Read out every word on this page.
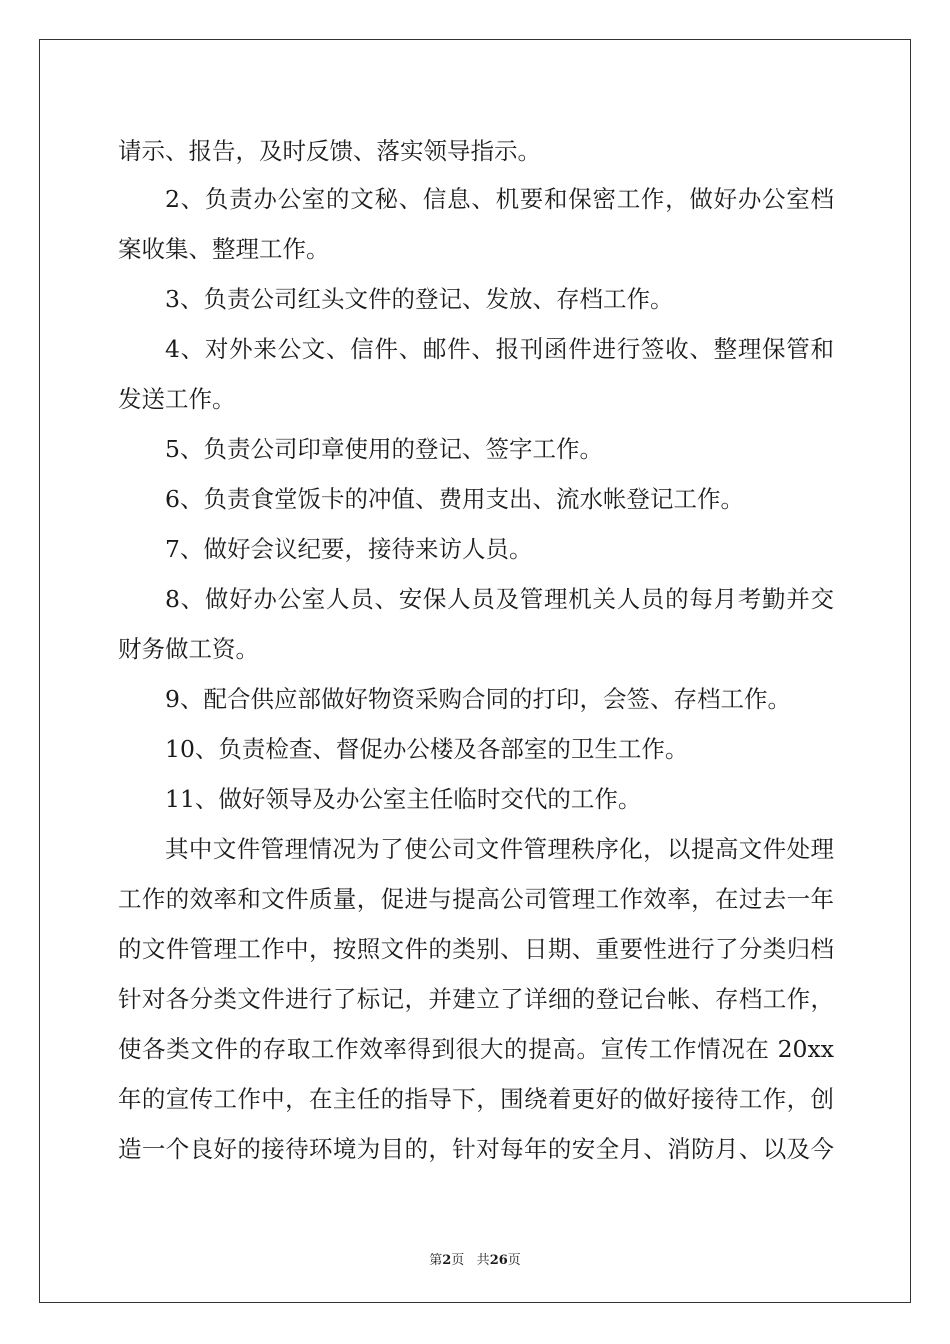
请示、报告，及时反馈、落实领导指示。
2、负责办公室的文秘、信息、机要和保密工作，做好办公室档
案收集、整理工作。
3、负责公司红头文件的登记、发放、存档工作。
4、对外来公文、信件、邮件、报刊函件进行签收、整理保管和
发送工作。
5、负责公司印章使用的登记、签字工作。
6、负责食堂饭卡的冲值、费用支出、流水帐登记工作。
7、做好会议纪要，接待来访人员。
8、做好办公室人员、安保人员及管理机关人员的每月考勤并交
财务做工资。
9、配合供应部做好物资采购合同的打印，会签、存档工作。
10、负责检查、督促办公楼及各部室的卫生工作。
11、做好领导及办公室主任临时交代的工作。
其中文件管理情况为了使公司文件管理秩序化，以提高文件处理
工作的效率和文件质量，促进与提高公司管理工作效率，在过去一年
的文件管理工作中，按照文件的类别、日期、重要性进行了分类归档
针对各分类文件进行了标记，并建立了详细的登记台帐、存档工作，
使各类文件的存取工作效率得到很大的提高。宣传工作情况在 20xx
年的宣传工作中，在主任的指导下，围绕着更好的做好接待工作，创
造一个良好的接待环境为目的，针对每年的安全月、消防月、以及今
第2页 共26页
